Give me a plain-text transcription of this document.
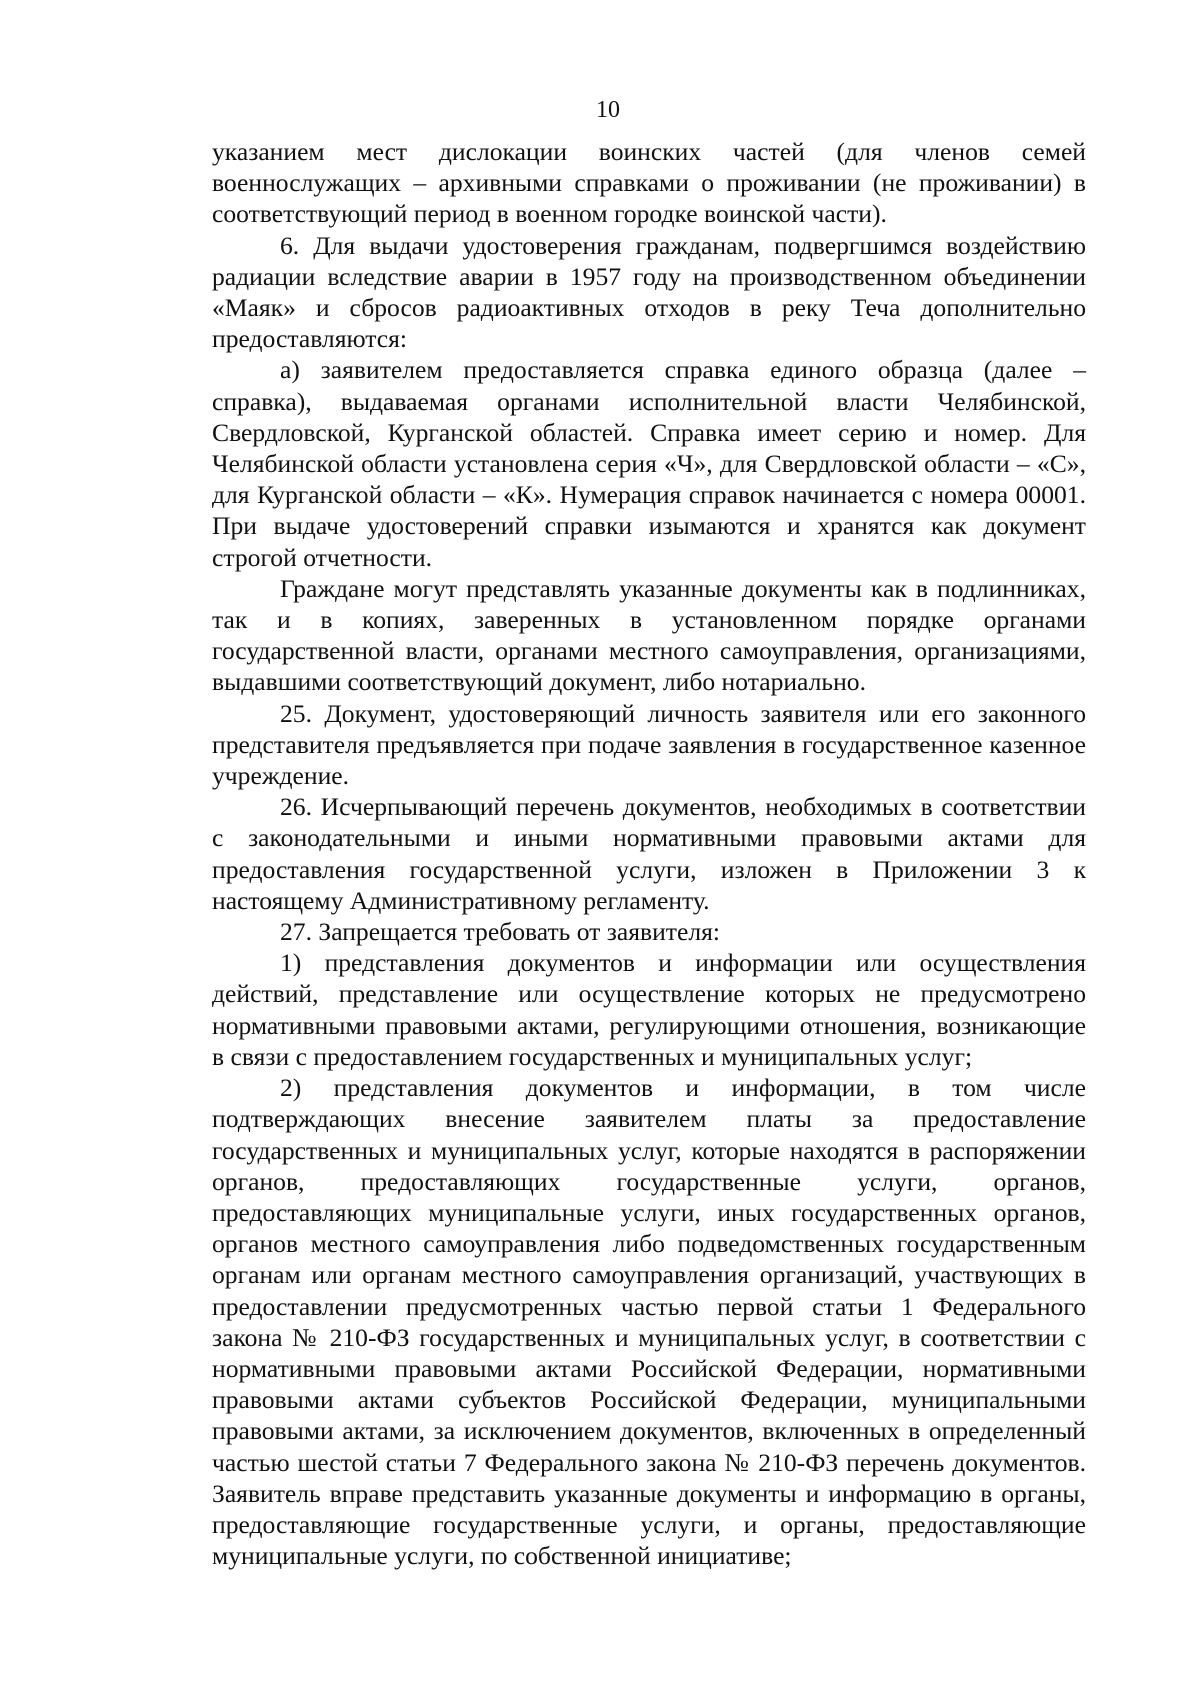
10

указанием мест дислокации воинских частей (для членов семей военнослужащих – архивными справками о проживании (не проживании) в соответствующий период в военном городке воинской части).

6. Для выдачи удостоверения гражданам, подвергшимся воздействию радиации вследствие аварии в 1957 году на производственном объединении «Маяк» и сбросов радиоактивных отходов в реку Теча дополнительно предоставляются:

а) заявителем предоставляется справка единого образца (далее – справка), выдаваемая органами исполнительной власти Челябинской, Свердловской, Курганской областей. Справка имеет серию и номер. Для Челябинской области установлена серия «Ч», для Свердловской области – «С», для Курганской области – «К». Нумерация справок начинается с номера 00001. При выдаче удостоверений справки изымаются и хранятся как документ строгой отчетности.

Граждане могут представлять указанные документы как в подлинниках, так и в копиях, заверенных в установленном порядке органами государственной власти, органами местного самоуправления, организациями, выдавшими соответствующий документ, либо нотариально.

25. Документ, удостоверяющий личность заявителя или его законного представителя предъявляется при подаче заявления в государственное казенное учреждение.

26. Исчерпывающий перечень документов, необходимых в соответствии с законодательными и иными нормативными правовыми актами для предоставления государственной услуги, изложен в Приложении 3 к настоящему Административному регламенту.

27. Запрещается требовать от заявителя:

1) представления документов и информации или осуществления действий, представление или осуществление которых не предусмотрено нормативными правовыми актами, регулирующими отношения, возникающие в связи с предоставлением государственных и муниципальных услуг;

2) представления документов и информации, в том числе подтверждающих внесение заявителем платы за предоставление государственных и муниципальных услуг, которые находятся в распоряжении органов, предоставляющих государственные услуги, органов, предоставляющих муниципальные услуги, иных государственных органов, органов местного самоуправления либо подведомственных государственным органам или органам местного самоуправления организаций, участвующих в предоставлении предусмотренных частью первой статьи 1 Федерального закона № 210-ФЗ государственных и муниципальных услуг, в соответствии с нормативными правовыми актами Российской Федерации, нормативными правовыми актами субъектов Российской Федерации, муниципальными правовыми актами, за исключением документов, включенных в определенный частью шестой статьи 7 Федерального закона № 210-ФЗ перечень документов. Заявитель вправе представить указанные документы и информацию в органы, предоставляющие государственные услуги, и органы, предоставляющие муниципальные услуги, по собственной инициативе;
